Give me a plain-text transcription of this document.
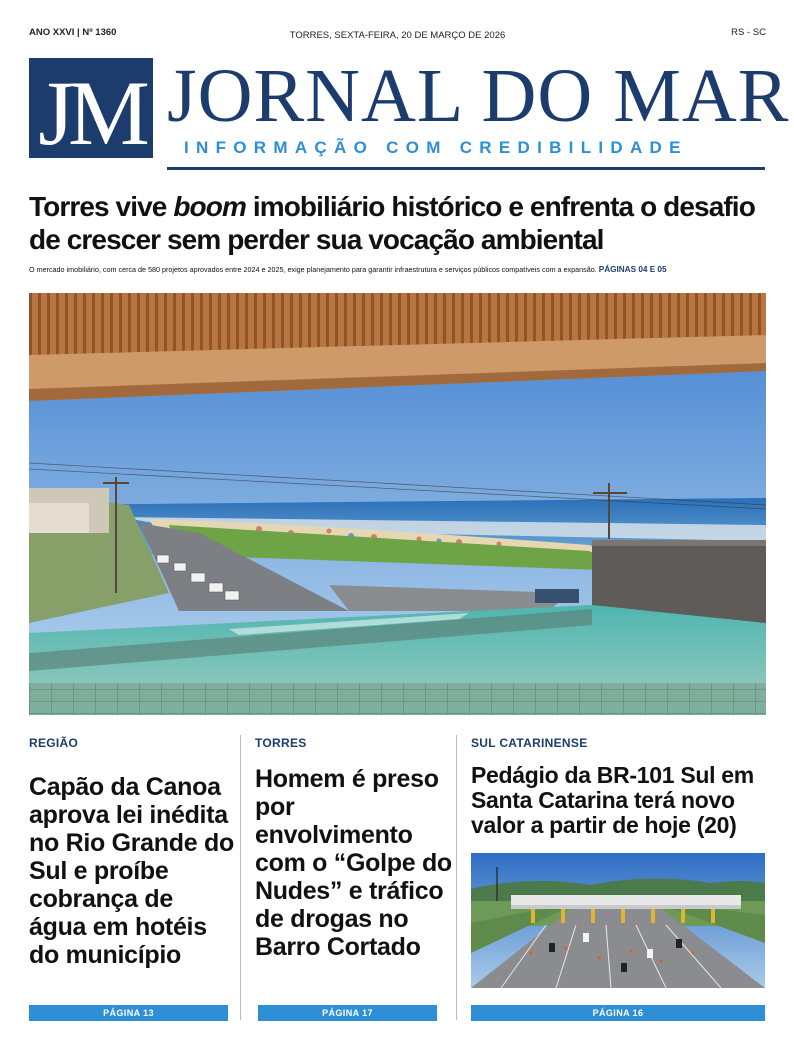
ANO XXVI | Nº 1360	TORRES, SEXTA-FEIRA, 20 DE MARÇO DE 2026	RS - SC
JM JORNAL DO MAR
INFORMAÇÃO COM CREDIBILIDADE
Torres vive boom imobiliário histórico e enfrenta o desafio de crescer sem perder sua vocação ambiental

O mercado imobiliário, com cerca de 580 projetos aprovados entre 2024 e 2025, exige planejamento para garantir infraestrutura e serviços públicos compatíveis com a expansão. PÁGINAS 04 E 05

REGIÃO
Capão da Canoa aprova lei inédita no Rio Grande do Sul e proíbe cobrança de água em hotéis do município
PÁGINA 13
TORRES
Homem é preso por envolvimento com o “Golpe do Nudes” e tráfico de drogas no Barro Cortado
PÁGINA 17
SUL CATARINENSE
Pedágio da BR-101 Sul em Santa Catarina terá novo valor a partir de hoje (20)
PÁGINA 16
